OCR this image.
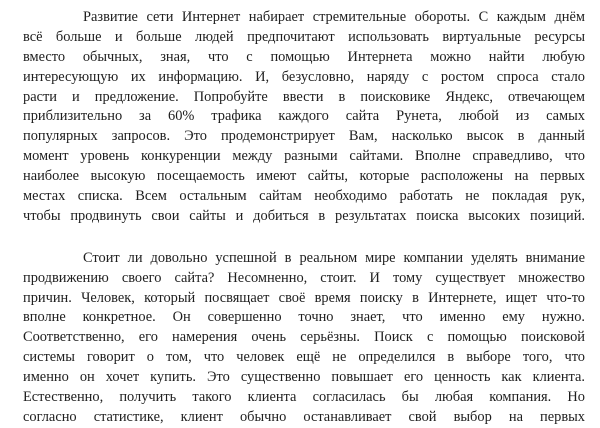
Развитие сети Интернет набирает стремительные обороты. С каждым днём
всё больше и больше людей предпочитают использовать виртуальные ресурсы
вместо обычных, зная, что с помощью Интернета можно найти любую
интересующую их информацию. И, безусловно, наряду с ростом спроса стало
расти и предложение. Попробуйте ввести в поисковике Яндекс, отвечающем
приблизительно за 60% трафика каждого сайта Рунета, любой из самых
популярных запросов. Это продемонстрирует Вам, насколько высок в данный
момент уровень конкуренции между разными сайтами. Вполне справедливо, что
наиболее высокую посещаемость имеют сайты, которые расположены на первых
местах списка. Всем остальным сайтам необходимо работать не покладая рук,
чтобы продвинуть свои сайты и добиться в результатах поиска высоких позиций.
Стоит ли довольно успешной в реальном мире компании уделять внимание
продвижению своего сайта? Несомненно, стоит. И тому существует множество
причин. Человек, который посвящает своё время поиску в Интернете, ищет что-то
вполне конкретное. Он совершенно точно знает, что именно ему нужно.
Соответственно, его намерения очень серьёзны. Поиск с помощью поисковой
системы говорит о том, что человек ещё не определился в выборе того, что
именно он хочет купить. Это существенно повышает его ценность как клиента.
Естественно, получить такого клиента согласилась бы любая компания. Но
согласно статистике, клиент обычно останавливает свой выбор на первых
